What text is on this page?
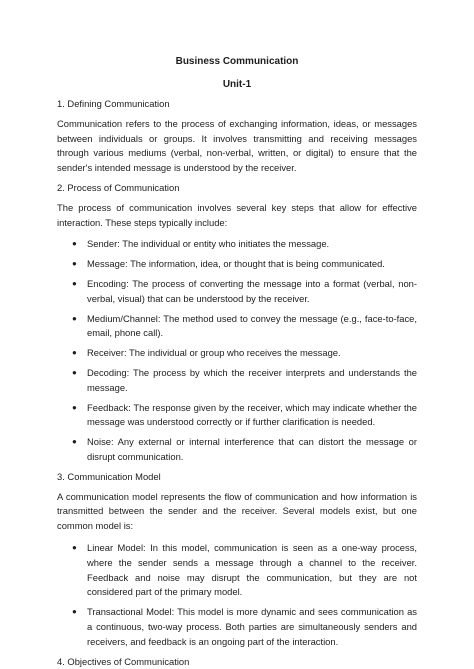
Business Communication
Unit-1

1. Defining Communication

Communication refers to the process of exchanging information, ideas, or messages between individuals or groups. It involves transmitting and receiving messages through various mediums (verbal, non-verbal, written, or digital) to ensure that the sender's intended message is understood by the receiver.

2. Process of Communication

The process of communication involves several key steps that allow for effective interaction. These steps typically include:

● Sender: The individual or entity who initiates the message.
● Message: The information, idea, or thought that is being communicated.
● Encoding: The process of converting the message into a format (verbal, non-verbal, visual) that can be understood by the receiver.
● Medium/Channel: The method used to convey the message (e.g., face-to-face, email, phone call).
● Receiver: The individual or group who receives the message.
● Decoding: The process by which the receiver interprets and understands the message.
● Feedback: The response given by the receiver, which may indicate whether the message was understood correctly or if further clarification is needed.
● Noise: Any external or internal interference that can distort the message or disrupt communication.

3. Communication Model

A communication model represents the flow of communication and how information is transmitted between the sender and the receiver. Several models exist, but one common model is:

● Linear Model: In this model, communication is seen as a one-way process, where the sender sends a message through a channel to the receiver. Feedback and noise may disrupt the communication, but they are not considered part of the primary model.
● Transactional Model: This model is more dynamic and sees communication as a continuous, two-way process. Both parties are simultaneously senders and receivers, and feedback is an ongoing part of the interaction.

4. Objectives of Communication
